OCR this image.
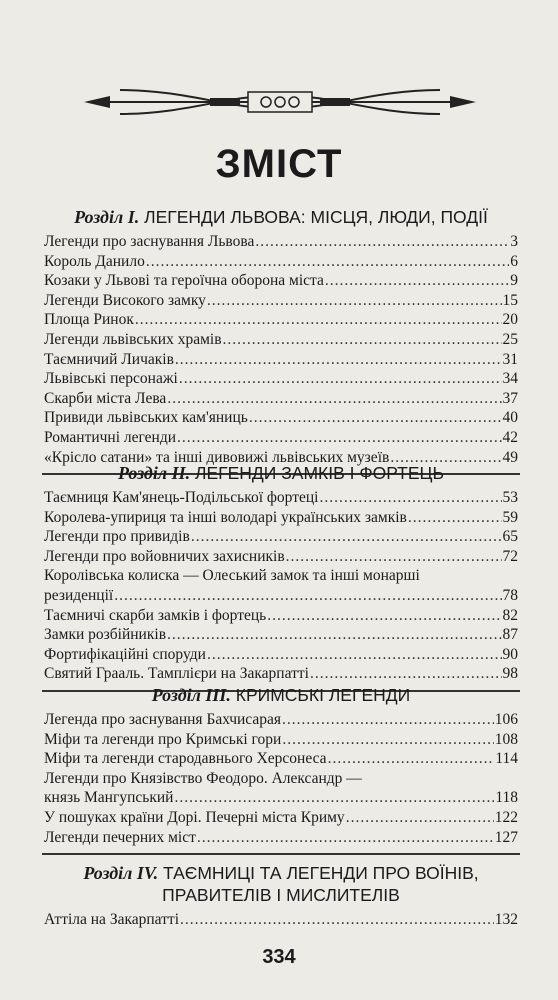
ЗМІСТ
Розділ I. ЛЕГЕНДИ ЛЬВОВА: МІСЦЯ, ЛЮДИ, ПОДІЇ
Легенди про заснування Львова .....	3
Король Данило .....	6
Козаки у Львові та героїчна оборона міста .....	9
Легенди Високого замку .....	15
Площа Ринок .....	20
Легенди львівських храмів .....	25
Таємничий Личаків .....	31
Львівські персонажі .....	34
Скарби міста Лева .....	37
Привиди львівських кам'яниць .....	40
Романтичні легенди .....	42
«Крісло сатани» та інші дивовижі львівських музеїв .....	49
Розділ II. ЛЕГЕНДИ ЗАМКІВ І ФОРТЕЦЬ
Таємниця Кам'янець-Подільської фортеці .....	53
Королева-упириця та інші володарі українських замків .....	59
Легенди про привидів .....	65
Легенди про войовничих захисників .....	72
Королівська колиска — Олеський замок та інші монарші
резиденції .....	78
Таємничі скарби замків і фортець .....	82
Замки розбійників .....	87
Фортифікаційні споруди .....	90
Святий Грааль. Тамплієри на Закарпатті .....	98
Розділ III. КРИМСЬКІ ЛЕГЕНДИ
Легенда про заснування Бахчисарая .....	106
Міфи та легенди про Кримські гори .....	108
Міфи та легенди стародавнього Херсонеса .....	114
Легенди про Князівство Феодоро. Александр —
князь Мангупський .....	118
У пошуках країни Дорі. Печерні міста Криму .....	122
Легенди печерних міст .....	127
Розділ IV. ТАЄМНИЦІ ТА ЛЕГЕНДИ ПРО ВОЇНІВ,
ПРАВИТЕЛІВ І МИСЛИТЕЛІВ
Аттіла на Закарпатті .....	132
334
